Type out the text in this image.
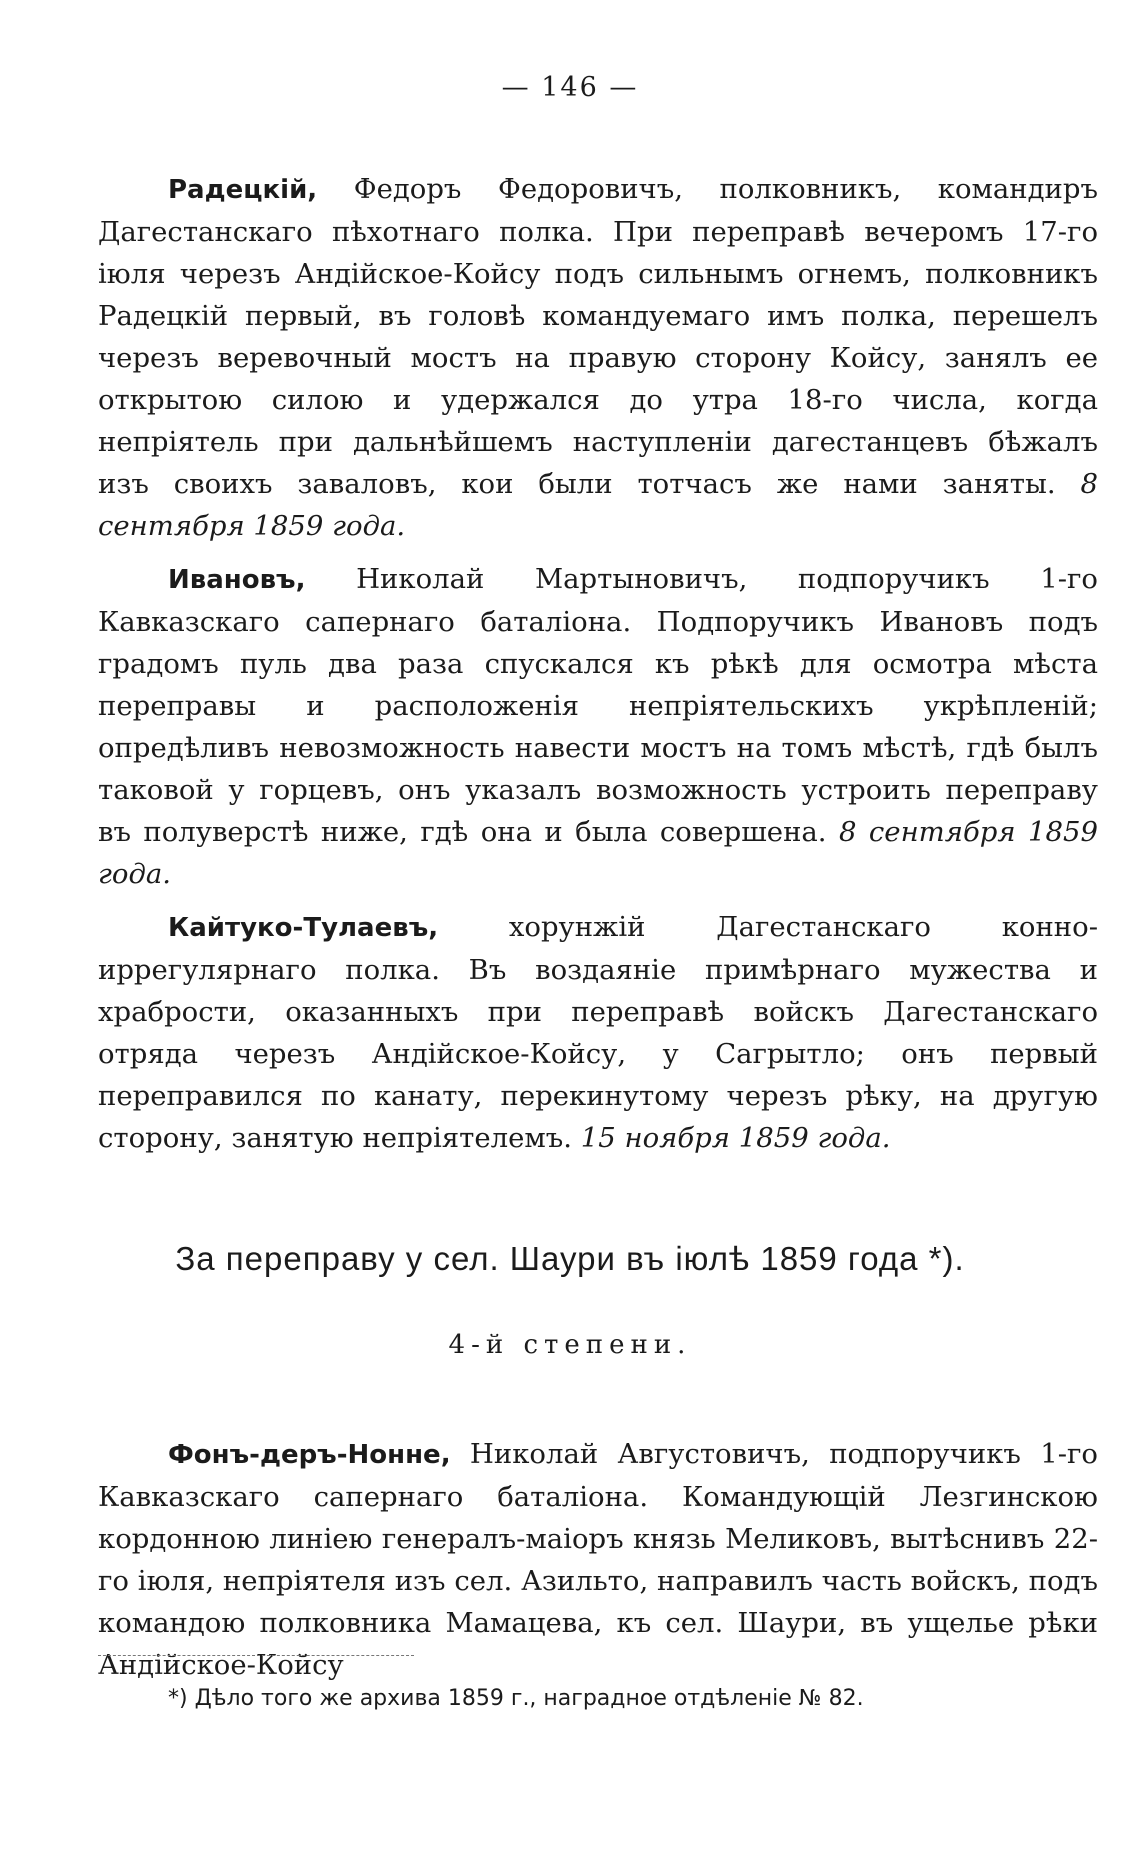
— 146 —

Радецкій, Федоръ Федоровичъ, полковникъ, командиръ Дагестанскаго пѣхотнаго полка. При переправѣ вечеромъ 17-го іюля черезъ Андійское-Койсу подъ сильнымъ огнемъ, полковникъ Радецкій первый, въ головѣ командуемаго имъ полка, перешелъ черезъ веревочный мостъ на правую сторону Койсу, занялъ ее открытою силою и удержался до утра 18-го числа, когда непріятель при дальнѣйшемъ наступленіи дагестанцевъ бѣжалъ изъ своихъ заваловъ, кои были тотчасъ же нами заняты. 8 сентября 1859 года.

Ивановъ, Николай Мартыновичъ, подпоручикъ 1-го Кавказскаго сапернаго баталіона. Подпоручикъ Ивановъ подъ градомъ пуль два раза спускался къ рѣкѣ для осмотра мѣста переправы и расположенія непріятельскихъ укрѣпленій; опредѣливъ невозможность навести мостъ на томъ мѣстѣ, гдѣ былъ таковой у горцевъ, онъ указалъ возможность устроить переправу въ полуверстѣ ниже, гдѣ она и была совершена. 8 сентября 1859 года.

Кайтуко-Тулаевъ, хорунжій Дагестанскаго конно-иррегулярнаго полка. Въ воздаяніе примѣрнаго мужества и храбрости, оказанныхъ при переправѣ войскъ Дагестанскаго отряда черезъ Андійское-Койсу, у Сагрытло; онъ первый переправился по канату, перекинутому черезъ рѣку, на другую сторону, занятую непріятелемъ. 15 ноября 1859 года.

За переправу у сел. Шаури въ іюлѣ 1859 года *).
4-й степени.

Фонъ-деръ-Нонне, Николай Августовичъ, подпоручикъ 1-го Кавказскаго сапернаго баталіона. Командующій Лезгинскою кордонною линіею генералъ-маіоръ князь Меликовъ, вытѣснивъ 22-го іюля, непріятеля изъ сел. Азильто, направилъ часть войскъ, подъ командою полковника Мамацева, къ сел. Шаури, въ ущелье рѣки Андійское-Койсу

*) Дѣло того же архива 1859 г., наградное отдѣленіе № 82.
